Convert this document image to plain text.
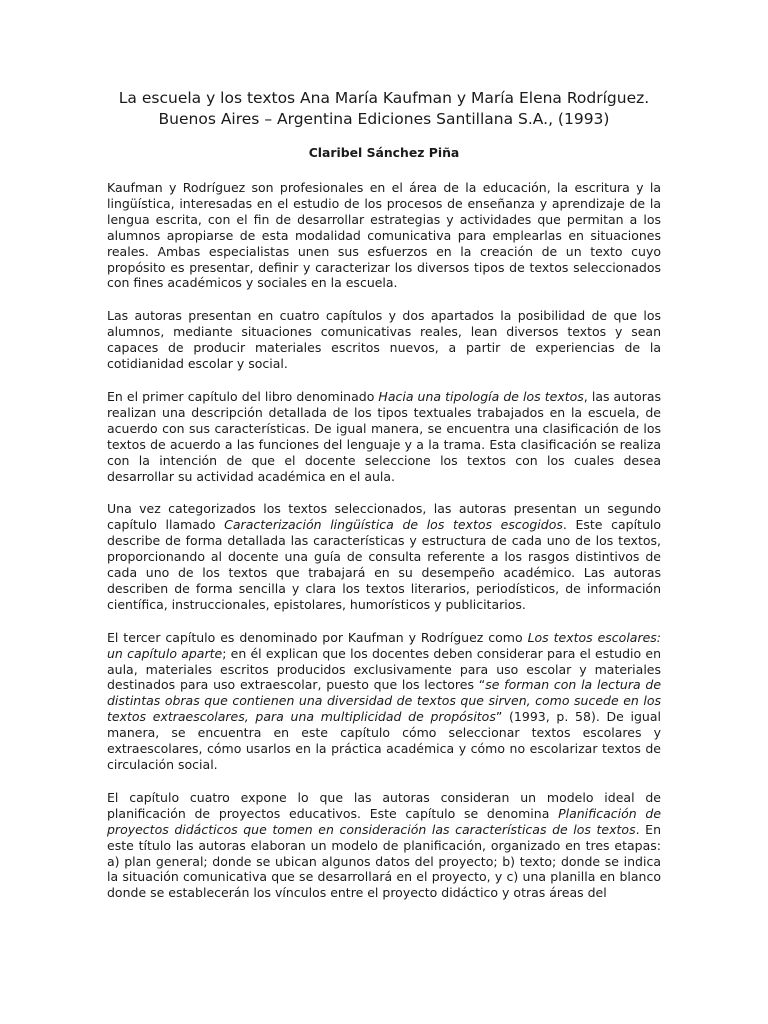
La escuela y los textos Ana María Kaufman y María Elena Rodríguez. Buenos Aires – Argentina Ediciones Santillana S.A., (1993)
Claribel Sánchez Piña

Kaufman y Rodríguez son profesionales en el área de la educación, la escritura y la lingüística, interesadas en el estudio de los procesos de enseñanza y aprendizaje de la lengua escrita, con el fin de desarrollar estrategias y actividades que permitan a los alumnos apropiarse de esta modalidad comunicativa para emplearlas en situaciones reales. Ambas especialistas unen sus esfuerzos en la creación de un texto cuyo propósito es presentar, definir y caracterizar los diversos tipos de textos seleccionados con fines académicos y sociales en la escuela.

Las autoras presentan en cuatro capítulos y dos apartados la posibilidad de que los alumnos, mediante situaciones comunicativas reales, lean diversos textos y sean capaces de producir materiales escritos nuevos, a partir de experiencias de la cotidianidad escolar y social.

En el primer capítulo del libro denominado Hacia una tipología de los textos, las autoras realizan una descripción detallada de los tipos textuales trabajados en la escuela, de acuerdo con sus características. De igual manera, se encuentra una clasificación de los textos de acuerdo a las funciones del lenguaje y a la trama. Esta clasificación se realiza con la intención de que el docente seleccione los textos con los cuales desea desarrollar su actividad académica en el aula.

Una vez categorizados los textos seleccionados, las autoras presentan un segundo capítulo llamado Caracterización lingüística de los textos escogidos. Este capítulo describe de forma detallada las características y estructura de cada uno de los textos, proporcionando al docente una guía de consulta referente a los rasgos distintivos de cada uno de los textos que trabajará en su desempeño académico. Las autoras describen de forma sencilla y clara los textos literarios, periodísticos, de información científica, instruccionales, epistolares, humorísticos y publicitarios.

El tercer capítulo es denominado por Kaufman y Rodríguez como Los textos escolares: un capítulo aparte; en él explican que los docentes deben considerar para el estudio en aula, materiales escritos producidos exclusivamente para uso escolar y materiales destinados para uso extraescolar, puesto que los lectores “se forman con la lectura de distintas obras que contienen una diversidad de textos que sirven, como sucede en los textos extraescolares, para una multiplicidad de propósitos” (1993, p. 58). De igual manera, se encuentra en este capítulo cómo seleccionar textos escolares y extraescolares, cómo usarlos en la práctica académica y cómo no escolarizar textos de circulación social.

El capítulo cuatro expone lo que las autoras consideran un modelo ideal de planificación de proyectos educativos. Este capítulo se denomina Planificación de proyectos didácticos que tomen en consideración las características de los textos. En este título las autoras elaboran un modelo de planificación, organizado en tres etapas: a) plan general; donde se ubican algunos datos del proyecto; b) texto; donde se indica la situación comunicativa que se desarrollará en el proyecto, y c) una planilla en blanco donde se establecerán los vínculos entre el proyecto didáctico y otras áreas del
